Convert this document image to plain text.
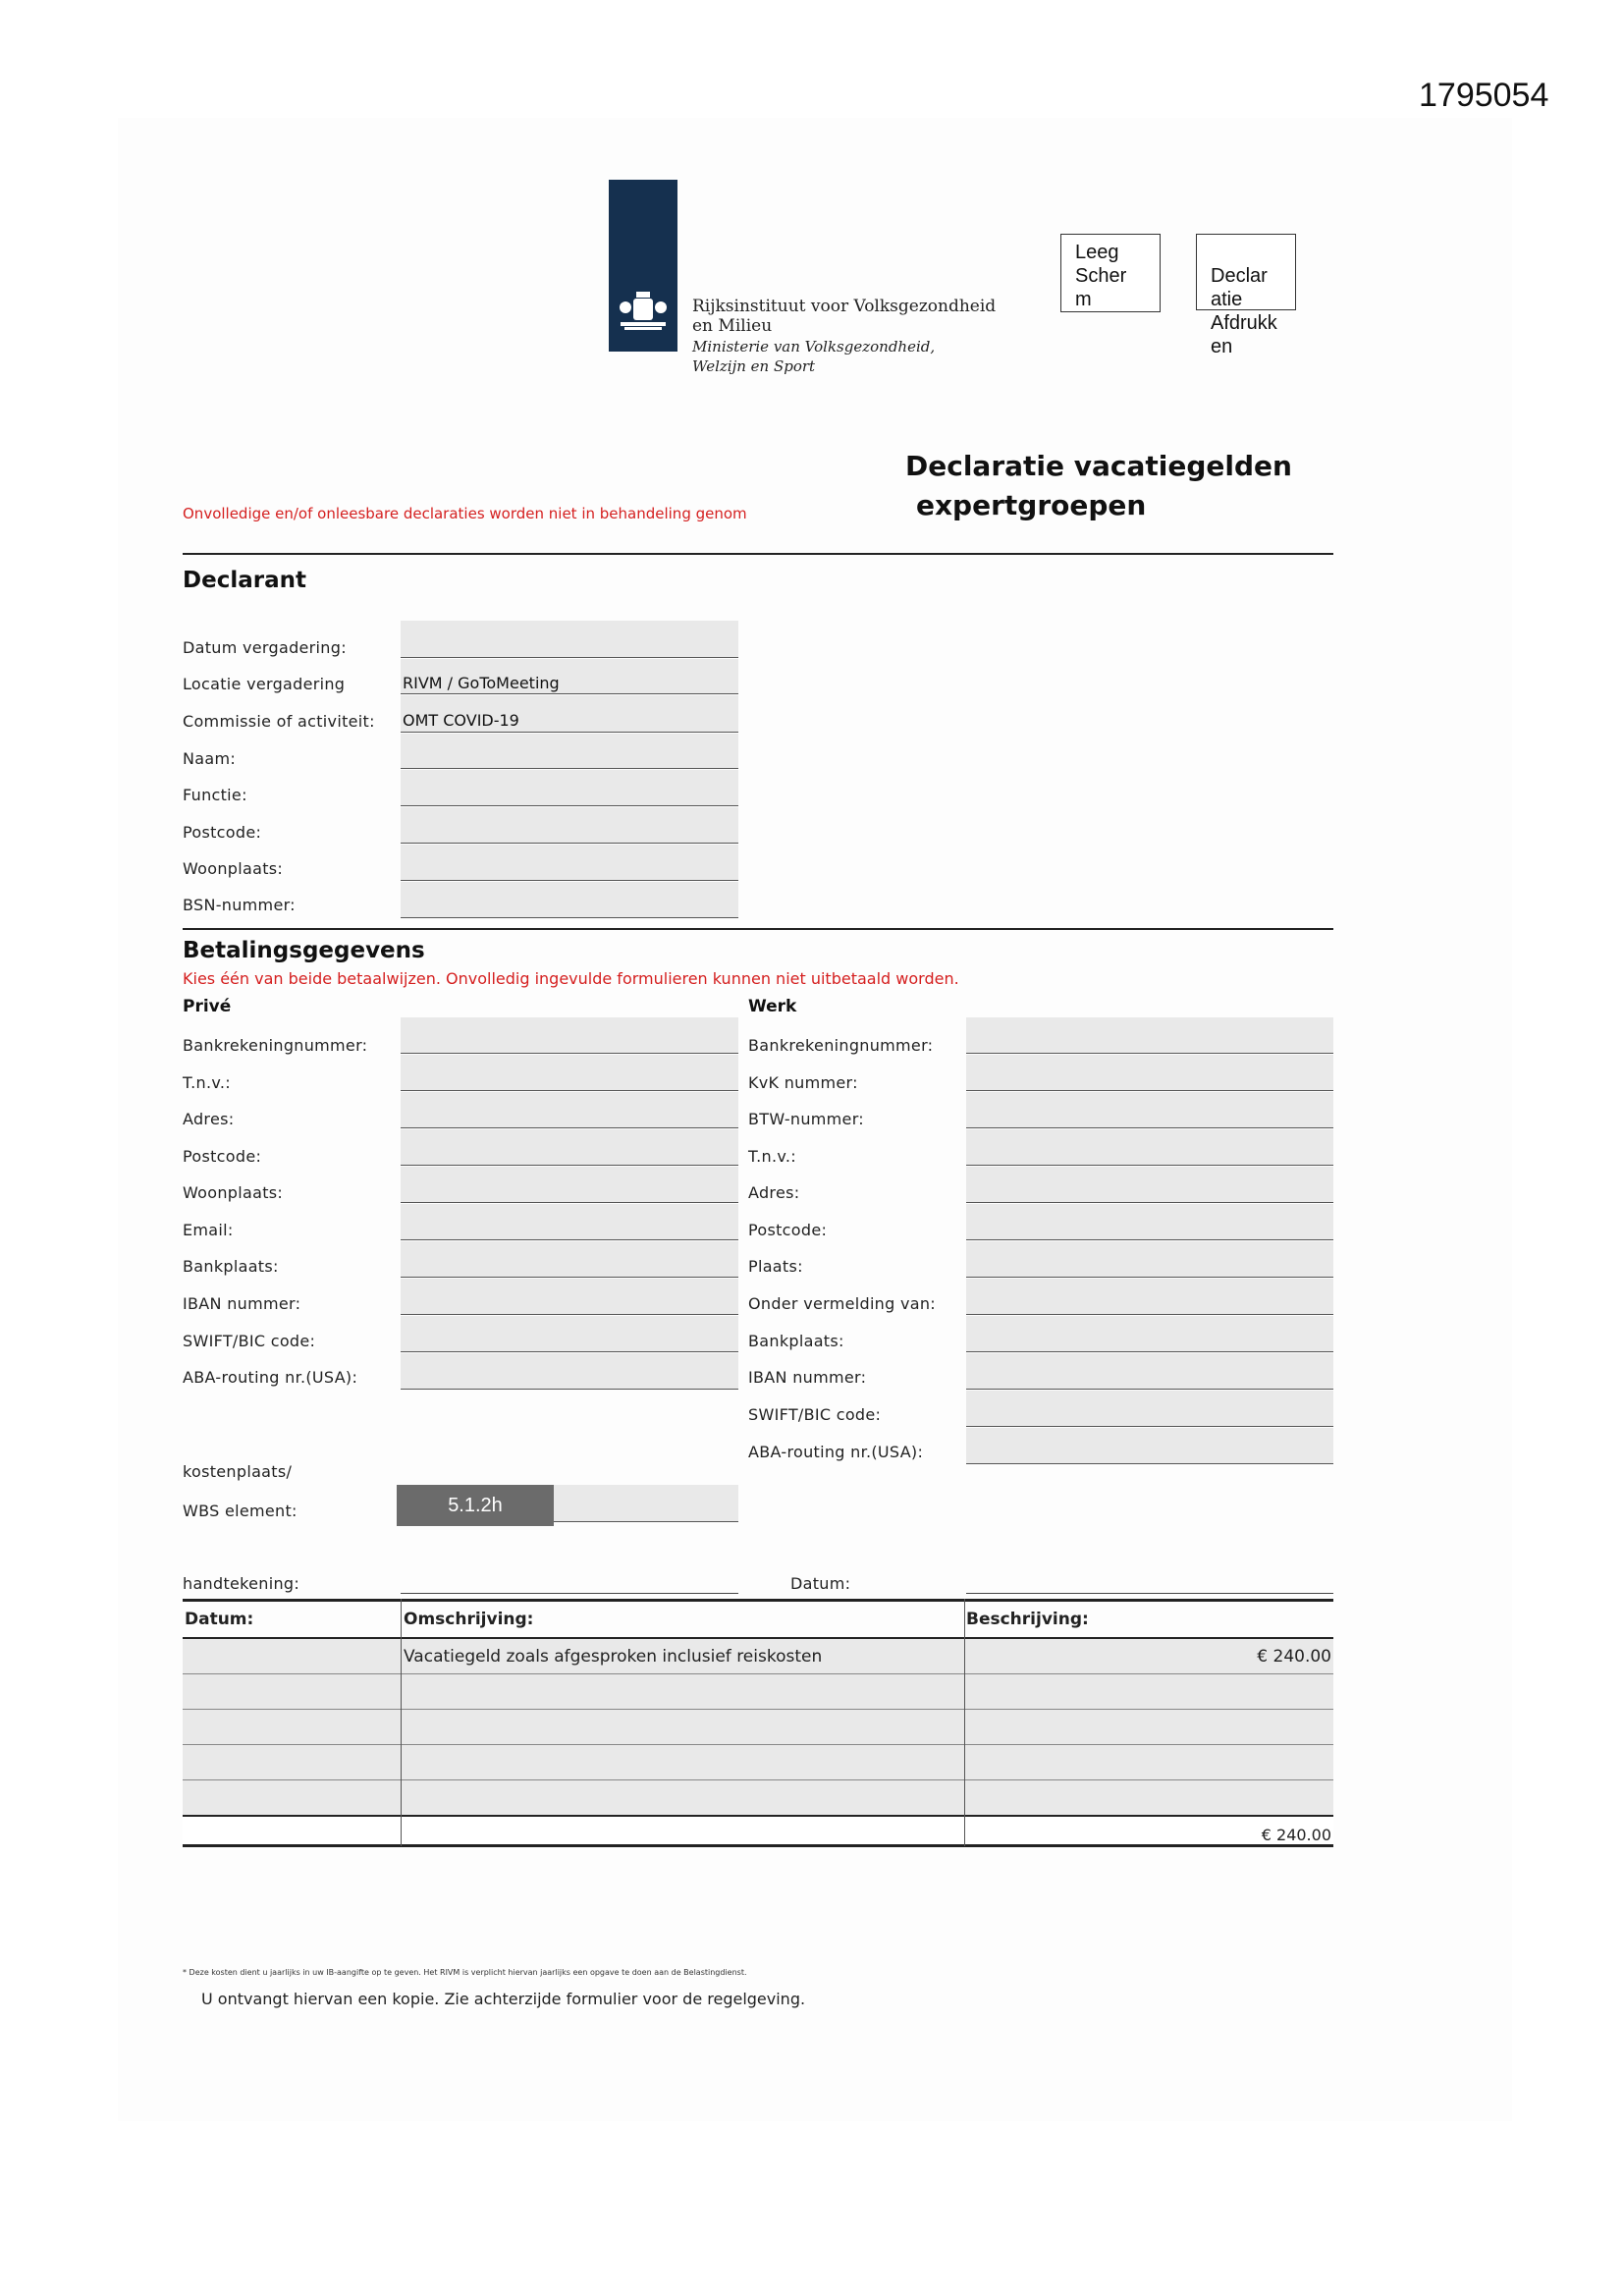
1795054
Rijksinstituut voor Volksgezondheid
en Milieu
Ministerie van Volksgezondheid,
Welzijn en Sport
Leeg
Scher
m
Declar
atie
Afdrukk
en
Declaratie vacatiegelden
expertgroepen
Onvolledige en/of onleesbare declaraties worden niet in behandeling genom
Declarant
Datum vergadering:
Locatie vergadering	RIVM / GoToMeeting
Commissie of activiteit: OMT COVID-19
Naam:
Functie:
Postcode:
Woonplaats:
BSN-nummer:
Betalingsgegevens
Kies één van beide betaalwijzen. Onvolledig ingevulde formulieren kunnen niet uitbetaald worden.
Privé	Werk
Bankrekeningnummer:
T.n.v.:
Adres:
Postcode:
Woonplaats:
Email:
Bankplaats:
IBAN nummer:
SWIFT/BIC code:
ABA-routing nr.(USA):
Bankrekeningnummer:
KvK nummer:
BTW-nummer:
T.n.v.:
Adres:
Postcode:
Plaats:
Onder vermelding van:
Bankplaats:
IBAN nummer:
SWIFT/BIC code:
ABA-routing nr.(USA):
kostenplaats/
WBS element:	5.1.2h
handtekening:	Datum:
Datum:	Omschrijving:	Beschrijving:
	Vacatiegeld zoals afgesproken inclusief reiskosten	€ 240.00

		€ 240.00
* Deze kosten dient u jaarlijks in uw IB-aangifte op te geven. Het RIVM is verplicht hiervan jaarlijks een opgave te doen aan de Belastingdienst.
U ontvangt hiervan een kopie. Zie achterzijde formulier voor de regelgeving.
